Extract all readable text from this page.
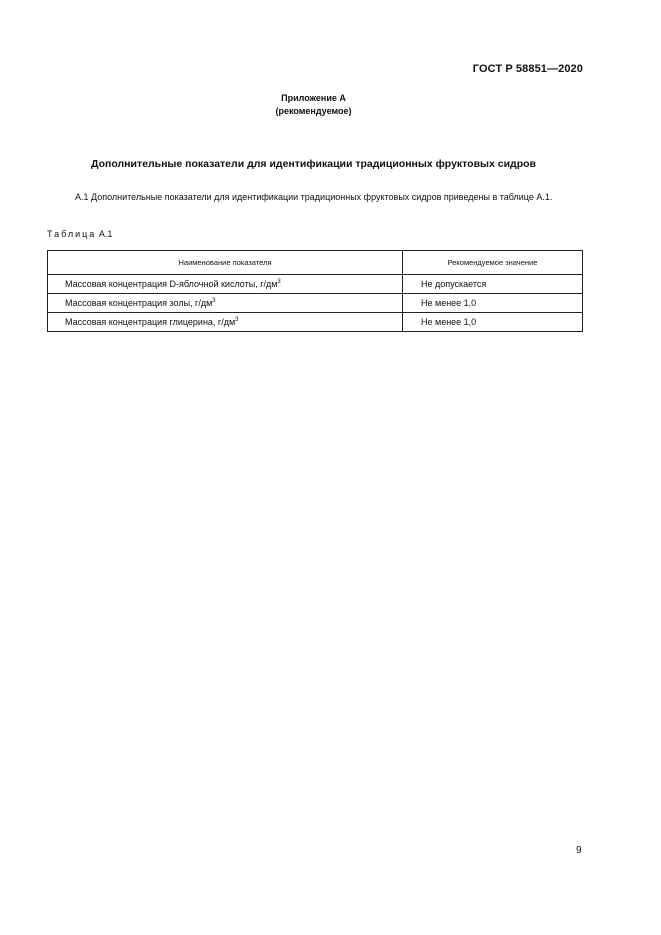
ГОСТ Р 58851—2020
Приложение А
(рекомендуемое)
Дополнительные показатели для идентификации традиционных фруктовых сидров
А.1 Дополнительные показатели для идентификации традиционных фруктовых сидров приведены в таблице А.1.
Таблица А.1
Наименование показателя	Рекомендуемое значение
Массовая концентрация D-яблочной кислоты, $г/дм^3$	Не допускается
Массовая концентрация золы, $г/дм^3$	Не менее 1,0
Массовая концентрация глицерина, $г/дм^3$	Не менее 1,0
9
